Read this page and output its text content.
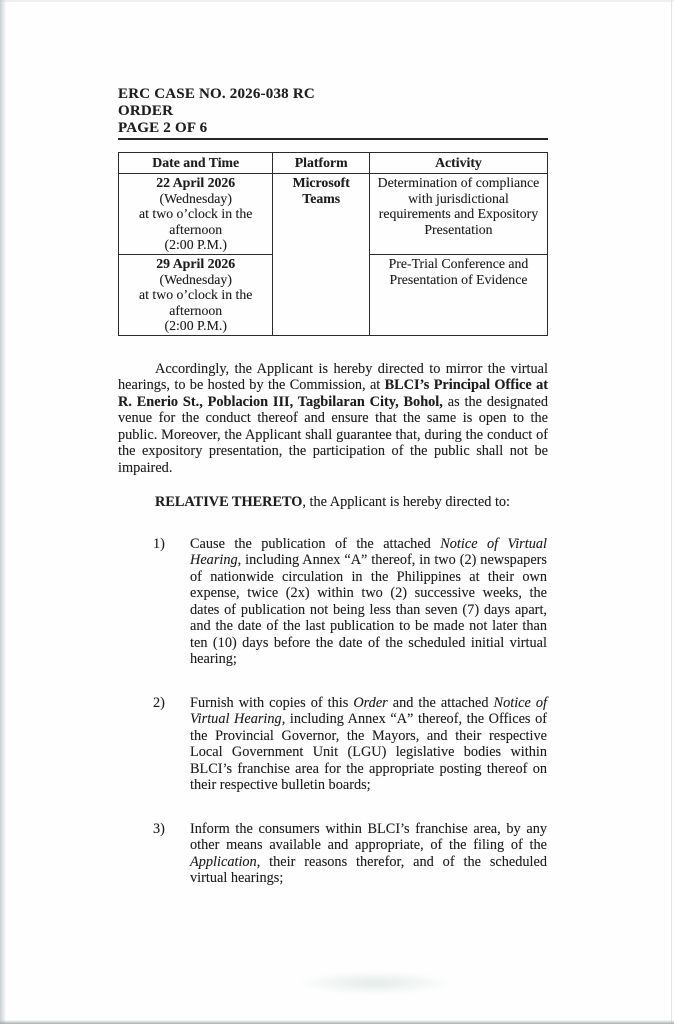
ERC CASE NO. 2026-038 RC
ORDER
PAGE 2 OF 6
Date and Time	Platform	Activity

22 April 2026
(Wednesday)
at two o’clock in the
afternoon
(2:00 P.M.)	Microsoft Teams	Determination of compliance with jurisdictional requirements and Expository Presentation

29 April 2026
(Wednesday)
at two o’clock in the
afternoon
(2:00 P.M.)		Pre-Trial Conference and Presentation of Evidence

Accordingly, the Applicant is hereby directed to mirror the virtual hearings, to be hosted by the Commission, at BLCI’s Principal Office at R. Enerio St., Poblacion III, Tagbilaran City, Bohol, as the designated venue for the conduct thereof and ensure that the same is open to the public. Moreover, the Applicant shall guarantee that, during the conduct of the expository presentation, the participation of the public shall not be impaired.

RELATIVE THERETO, the Applicant is hereby directed to:

1)	Cause the publication of the attached Notice of Virtual Hearing, including Annex “A” thereof, in two (2) newspapers of nationwide circulation in the Philippines at their own expense, twice (2x) within two (2) successive weeks, the dates of publication not being less than seven (7) days apart, and the date of the last publication to be made not later than ten (10) days before the date of the scheduled initial virtual hearing;
2)	Furnish with copies of this Order and the attached Notice of Virtual Hearing, including Annex “A” thereof, the Offices of the Provincial Governor, the Mayors, and their respective Local Government Unit (LGU) legislative bodies within BLCI’s franchise area for the appropriate posting thereof on their respective bulletin boards;
3)	Inform the consumers within BLCI’s franchise area, by any other means available and appropriate, of the filing of the Application, their reasons therefor, and of the scheduled virtual hearings;
